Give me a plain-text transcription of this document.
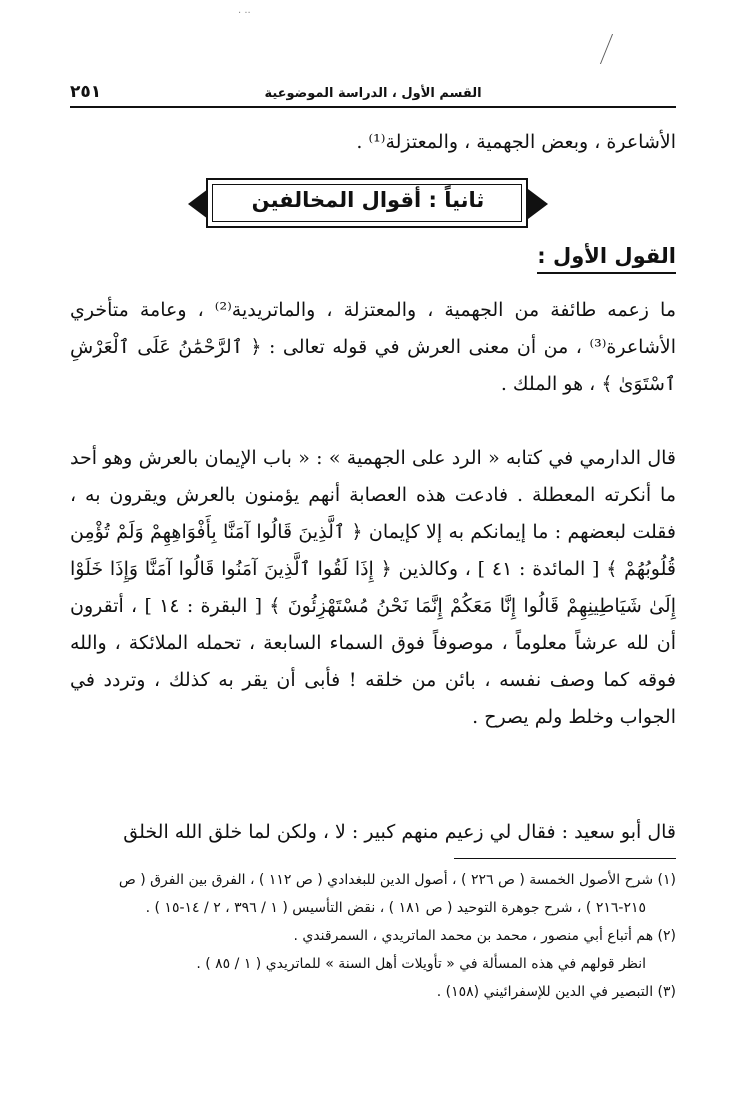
·· ·
القسم الأول ، الدراسة الموضوعية
٢٥١
الأشاعرة ، وبعض الجهمية ، والمعتزلة⁽¹⁾ .
ثانياً : أقوال المخالفين
القول الأول :
ما زعمه طائفة من الجهمية ، والمعتزلة ، والماتريدية⁽²⁾ ، وعامة متأخري الأشاعرة⁽³⁾ ، من أن معنى العرش في قوله تعالى : ﴿ ٱلرَّحْمَٰنُ عَلَى ٱلْعَرْشِ ٱسْتَوَىٰ ﴾ ، هو الملك .
قال الدارمي في كتابه « الرد على الجهمية » : « باب الإيمان بالعرش وهو أحد ما أنكرته المعطلة . فادعت هذه العصابة أنهم يؤمنون بالعرش ويقرون به ، فقلت لبعضهم : ما إيمانكم به إلا كإيمان ﴿ ٱلَّذِينَ قَالُوا آمَنَّا بِأَفْوَاهِهِمْ وَلَمْ تُؤْمِن قُلُوبُهُمْ ﴾ [ المائدة : ٤١ ] ، وكالذين ﴿ إِذَا لَقُوا ٱلَّذِينَ آمَنُوا قَالُوا آمَنَّا وَإِذَا خَلَوْا إِلَىٰ شَيَاطِينِهِمْ قَالُوا إِنَّا مَعَكُمْ إِنَّمَا نَحْنُ مُسْتَهْزِئُونَ ﴾ [ البقرة : ١٤ ] ، أتقرون أن لله عرشاً معلوماً ، موصوفاً فوق السماء السابعة ، تحمله الملائكة ، والله فوقه كما وصف نفسه ، بائن من خلقه ! فأبى أن يقر به كذلك ، وتردد في الجواب وخلط ولم يصرح .
قال أبو سعيد : فقال لي زعيم منهم كبير : لا ، ولكن لما خلق الله الخلق
(١) شرح الأصول الخمسة ( ص ٢٢٦ ) ، أصول الدين للبغدادي ( ص ١١٢ ) ، الفرق بين الفرق ( ص
٢١٥-٢١٦ ) ، شرح جوهرة التوحيد ( ص ١٨١ ) ، نقض التأسيس ( ١ / ٣٩٦ ، ٢ / ١٤-١٥ ) .
(٢) هم أتباع أبي منصور ، محمد بن محمد الماتريدي ، السمرقندي .
انظر قولهم في هذه المسألة في « تأويلات أهل السنة » للماتريدي ( ١ / ٨٥ ) .
(٣) التبصير في الدين للإسفرائيني (١٥٨) .
